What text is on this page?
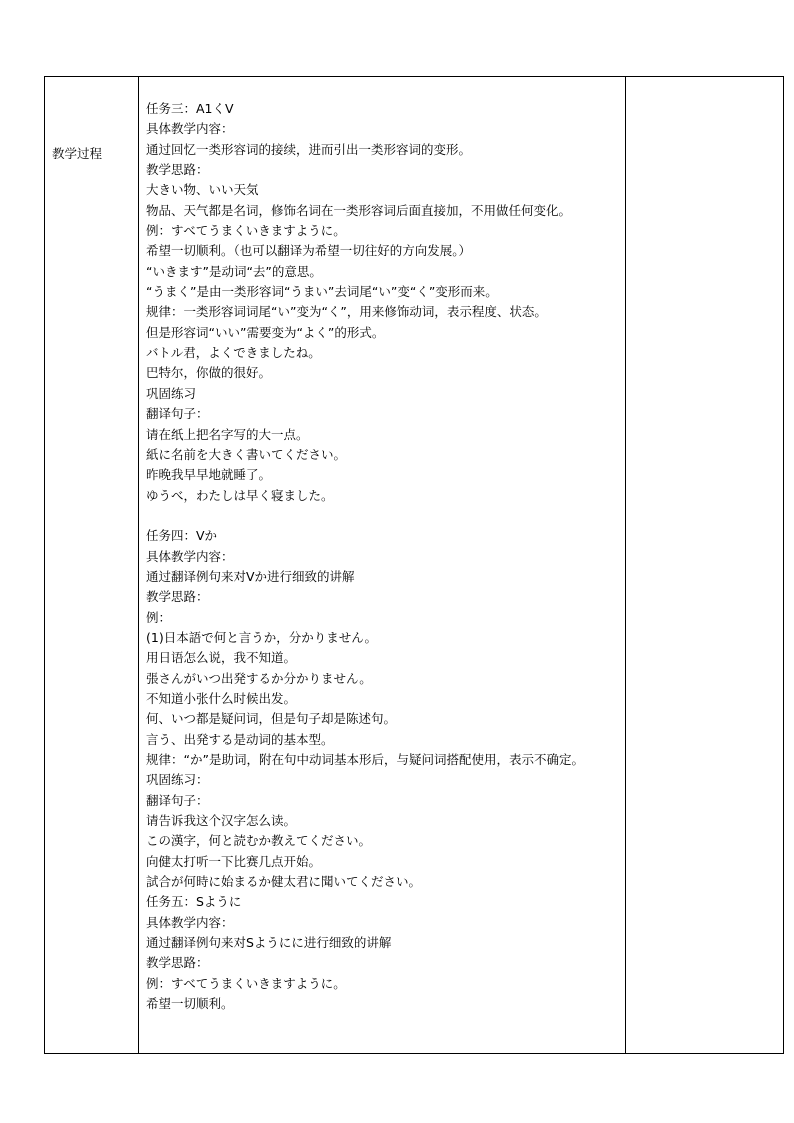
教学过程

任务三：A1くV
具体教学内容：
通过回忆一类形容词的接续，进而引出一类形容词的变形。
教学思路：
大きい物、いい天気
物品、天气都是名词，修饰名词在一类形容词后面直接加，不用做任何变化。
例：すべてうまくいきますように。
希望一切顺利。（也可以翻译为希望一切往好的方向发展。）
“いきます”是动词“去”的意思。
“うまく”是由一类形容词“うまい”去词尾“い”变“く”变形而来。
规律：一类形容词词尾“い”变为“く”，用来修饰动词，表示程度、状态。
但是形容词“いい”需要变为“よく”的形式。
バトル君，よくできましたね。
巴特尔，你做的很好。
巩固练习
翻译句子：
请在纸上把名字写的大一点。
紙に名前を大きく書いてください。
昨晚我早早地就睡了。
ゆうべ，わたしは早く寝ました。
任务四：Vか
具体教学内容：
通过翻译例句来对Vか进行细致的讲解
教学思路：
例：
(1)日本語で何と言うか，分かりません。
用日语怎么说，我不知道。
張さんがいつ出発するか分かりません。
不知道小张什么时候出发。
何、いつ都是疑问词，但是句子却是陈述句。
言う、出発する是动词的基本型。
规律：“か”是助词，附在句中动词基本形后，与疑问词搭配使用，表示不确定。
巩固练习：
翻译句子：
请告诉我这个汉字怎么读。
この漢字，何と読むか教えてください。
向健太打听一下比赛几点开始。
試合が何時に始まるか健太君に聞いてください。
任务五：Sように
具体教学内容：
通过翻译例句来对Sようにに进行细致的讲解
教学思路：
例：すべてうまくいきますように。
希望一切顺利。
